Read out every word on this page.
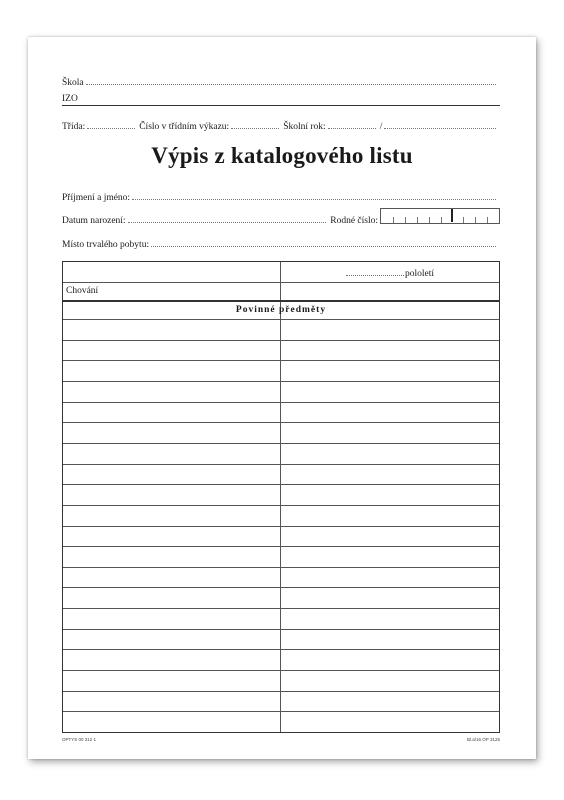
Škola
IZO
Třída:	Číslo v třídním výkazu:	Školní rok:	/
Výpis z katalogového listu
Příjmení a jméno:
Datum narození:	Rodné číslo:
Místo trvalého pobytu:
pololetí
Chování
Povinné předměty
OPTYS 00 312 1	Bl.a/16 OP 3125
